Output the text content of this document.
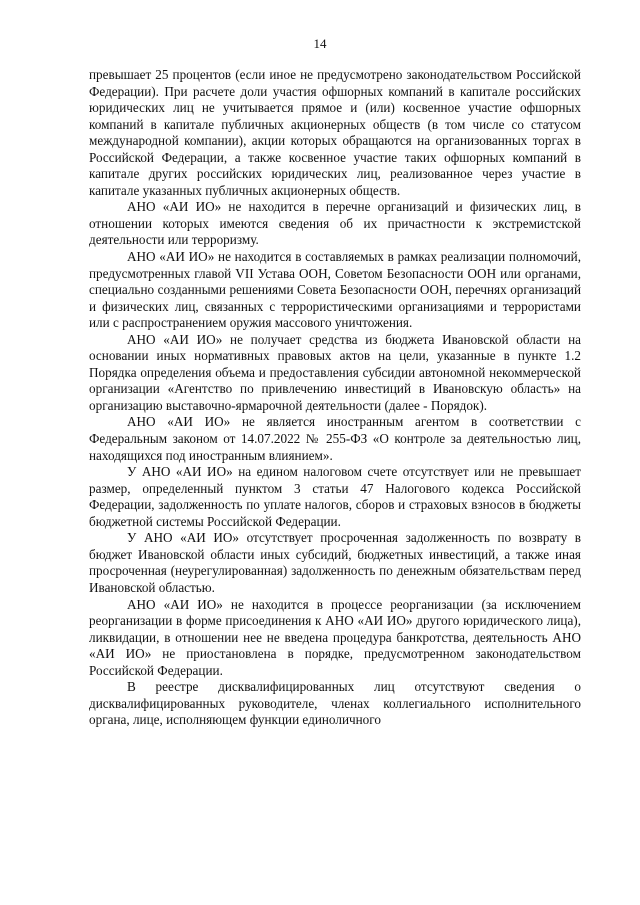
14

превышает 25 процентов (если иное не предусмотрено законодательством Российской Федерации). При расчете доли участия офшорных компаний в капитале российских юридических лиц не учитывается прямое и (или) косвенное участие офшорных компаний в капитале публичных акционерных обществ (в том числе со статусом международной компании), акции которых обращаются на организованных торгах в Российской Федерации, а также косвенное участие таких офшорных компаний в капитале других российских юридических лиц, реализованное через участие в капитале указанных публичных акционерных обществ.

АНО «АИ ИО» не находится в перечне организаций и физических лиц, в отношении которых имеются сведения об их причастности к экстремистской деятельности или терроризму.

АНО «АИ ИО» не находится в составляемых в рамках реализации полномочий, предусмотренных главой VII Устава ООН, Советом Безопасности ООН или органами, специально созданными решениями Совета Безопасности ООН, перечнях организаций и физических лиц, связанных с террористическими организациями и террористами или с распространением оружия массового уничтожения.

АНО «АИ ИО» не получает средства из бюджета Ивановской области на основании иных нормативных правовых актов на цели, указанные в пункте 1.2 Порядка определения объема и предоставления субсидии автономной некоммерческой организации «Агентство по привлечению инвестиций в Ивановскую область» на организацию выставочно-ярмарочной деятельности (далее - Порядок).

АНО «АИ ИО» не является иностранным агентом в соответствии с Федеральным законом от 14.07.2022 № 255-ФЗ «О контроле за деятельностью лиц, находящихся под иностранным влиянием».

У АНО «АИ ИО» на едином налоговом счете отсутствует или не превышает размер, определенный пунктом 3 статьи 47 Налогового кодекса Российской Федерации, задолженность по уплате налогов, сборов и страховых взносов в бюджеты бюджетной системы Российской Федерации.

У АНО «АИ ИО» отсутствует просроченная задолженность по возврату в бюджет Ивановской области иных субсидий, бюджетных инвестиций, а также иная просроченная (неурегулированная) задолженность по денежным обязательствам перед Ивановской областью.

АНО «АИ ИО» не находится в процессе реорганизации (за исключением реорганизации в форме присоединения к АНО «АИ ИО» другого юридического лица), ликвидации, в отношении нее не введена процедура банкротства, деятельность АНО «АИ ИО» не приостановлена в порядке, предусмотренном законодательством Российской Федерации.

В реестре дисквалифицированных лиц отсутствуют сведения о дисквалифицированных руководителе, членах коллегиального исполнительного органа, лице, исполняющем функции единоличного
